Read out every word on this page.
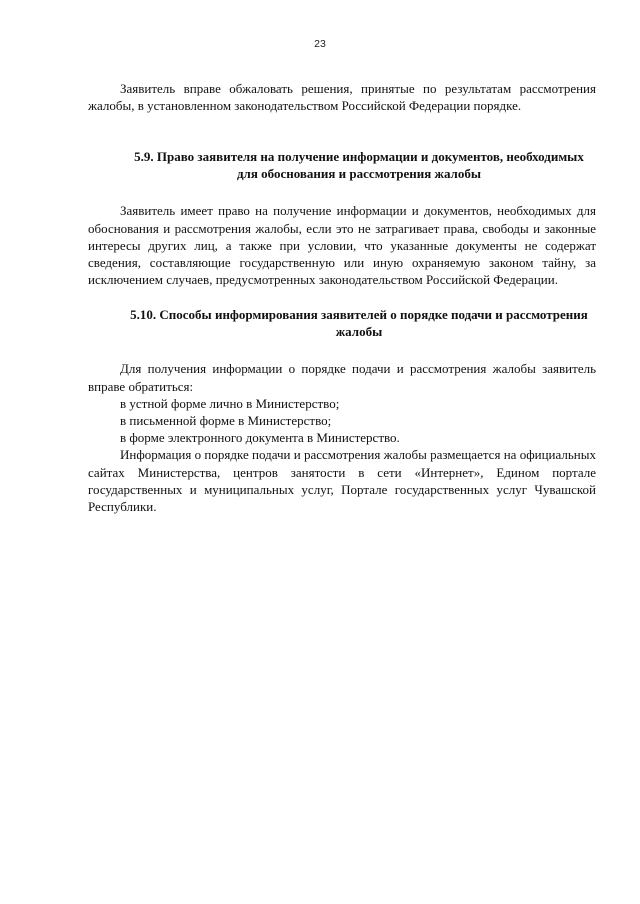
23

Заявитель вправе обжаловать решения, принятые по результатам рассмотрения жалобы, в установленном законодательством Российской Федерации порядке.

5.9. Право заявителя на получение информации и документов, необходимых для обоснования и рассмотрения жалобы

Заявитель имеет право на получение информации и документов, необходимых для обоснования и рассмотрения жалобы, если это не затрагивает права, свободы и законные интересы других лиц, а также при условии, что указанные документы не содержат сведения, составляющие государственную или иную охраняемую законом тайну, за исключением случаев, предусмотренных законодательством Российской Федерации.

5.10. Способы информирования заявителей о порядке подачи и рассмотрения жалобы

Для получения информации о порядке подачи и рассмотрения жалобы заявитель вправе обратиться:

в устной форме лично в Министерство;

в письменной форме в Министерство;

в форме электронного документа в Министерство.

Информация о порядке подачи и рассмотрения жалобы размещается на официальных сайтах Министерства, центров занятости в сети «Интернет», Едином портале государственных и муниципальных услуг, Портале государственных услуг Чувашской Республики.
